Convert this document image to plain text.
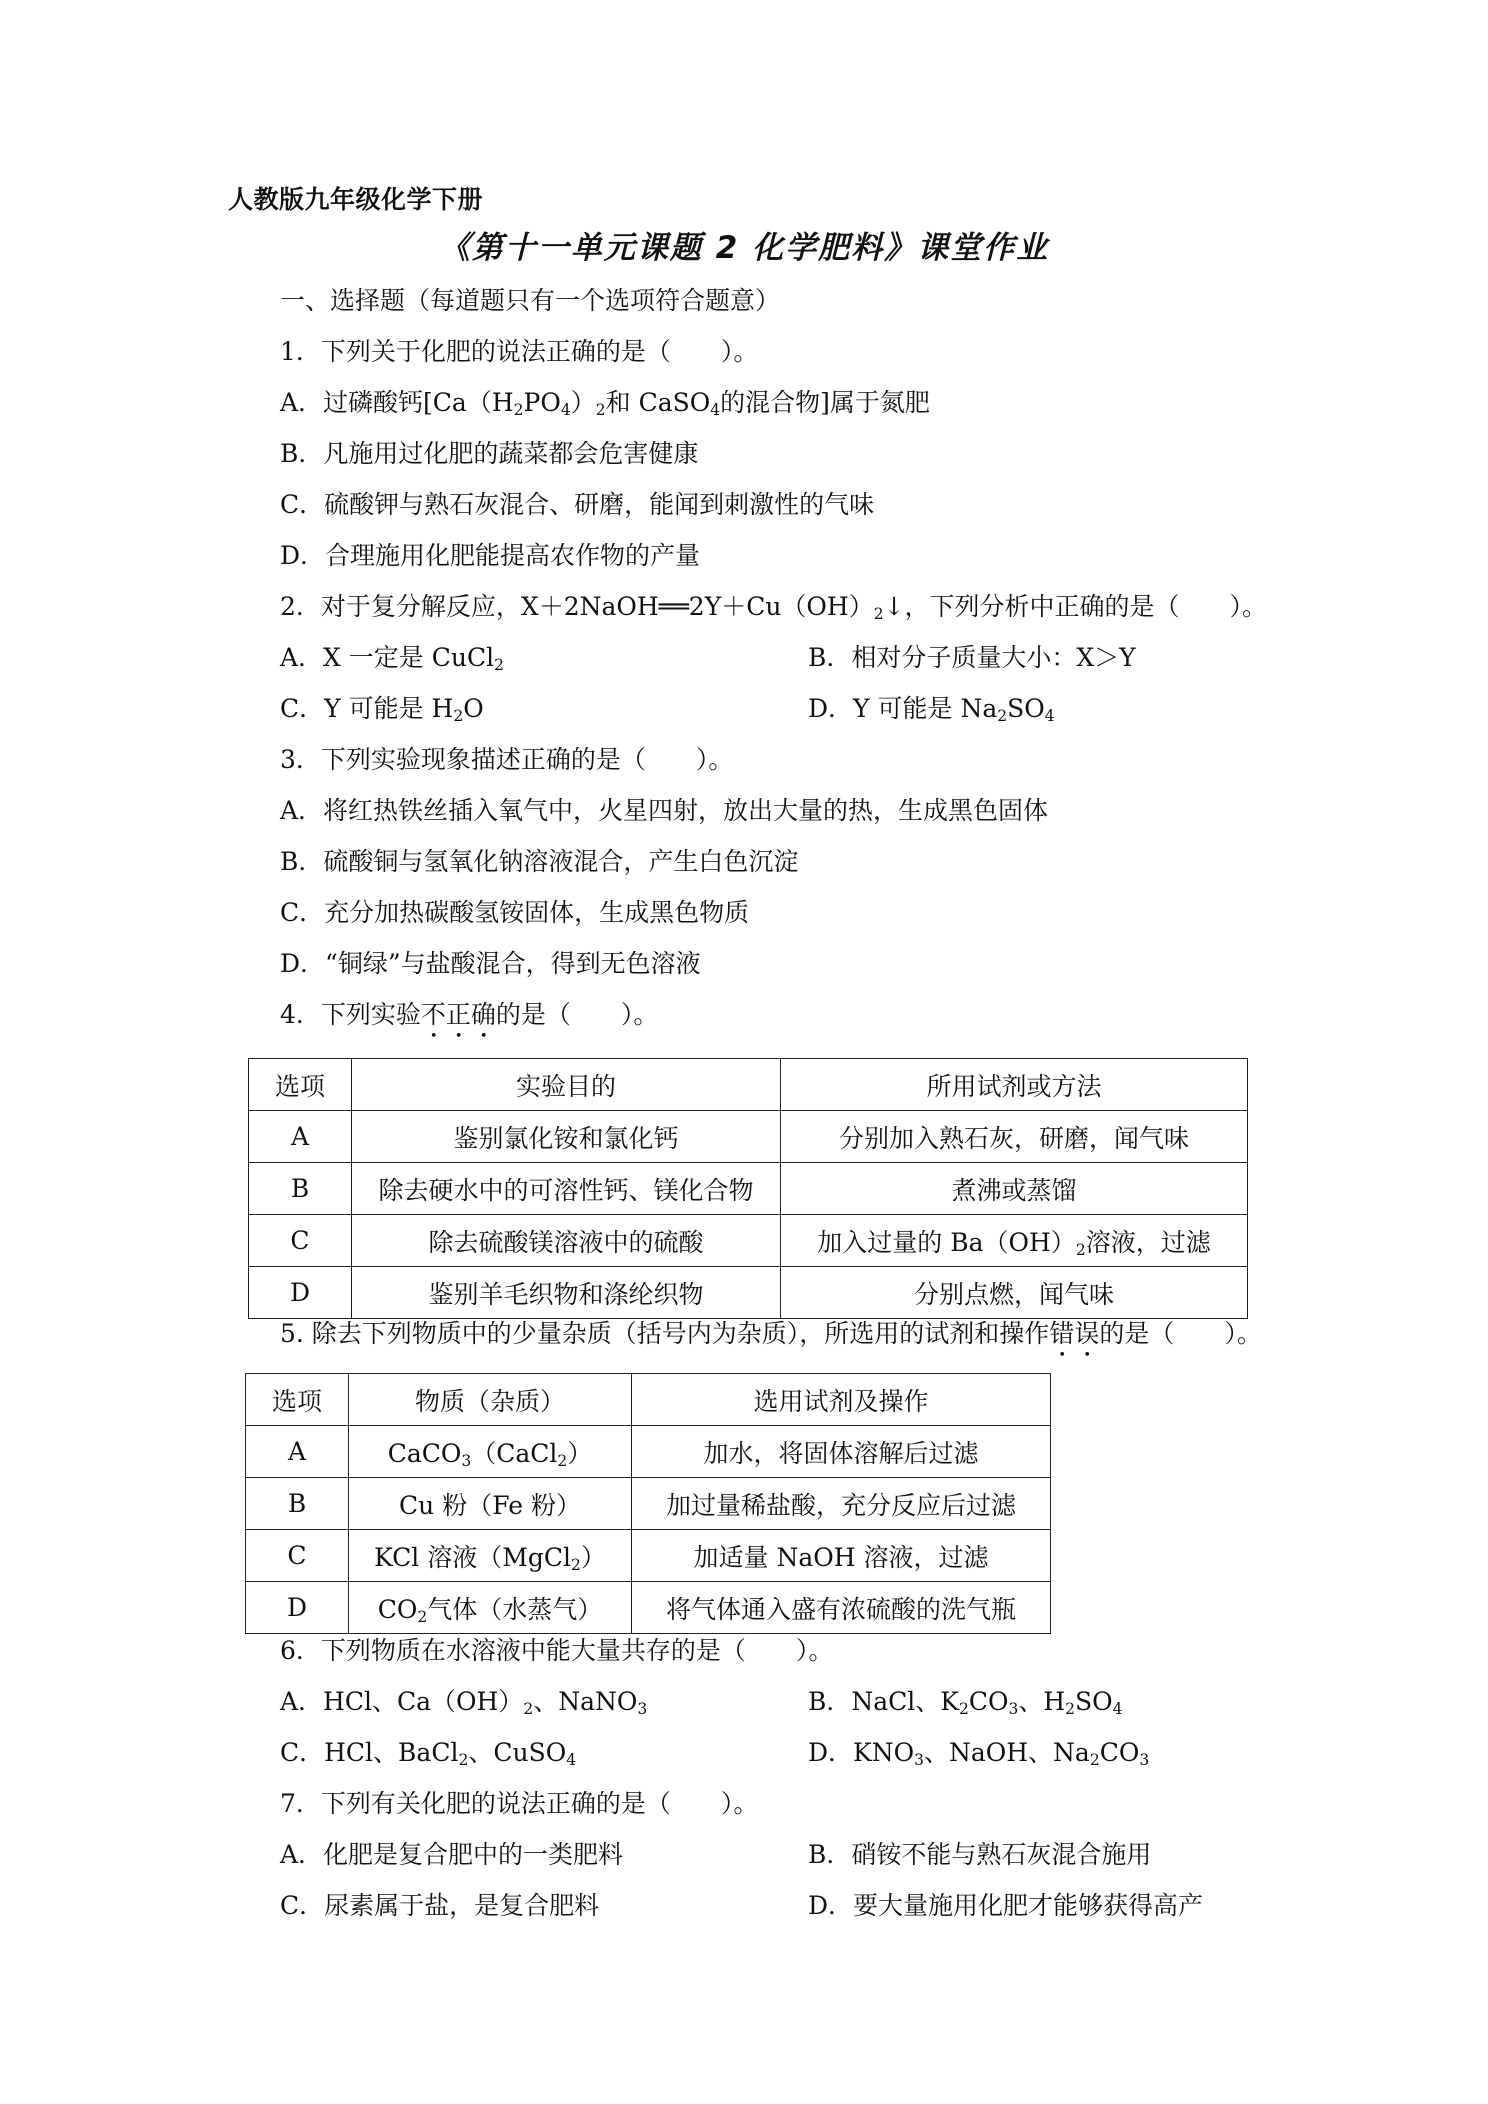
人教版九年级化学下册
《第十一单元课题 2 化学肥料》课堂作业
一、选择题（每道题只有一个选项符合题意）
1．下列关于化肥的说法正确的是（　　）。
A．过磷酸钙[$Ca(H_2PO_4)_2$和 CaSO$_4$的混合物]属于氮肥
B．凡施用过化肥的蔬菜都会危害健康
C．硫酸钾与熟石灰混合、研磨，能闻到刺激性的气味
D．合理施用化肥能提高农作物的产量
2．对于复分解反应，$X+2NaOH══2Y+Cu(OH)_2↓$，下列分析中正确的是（　　）。
A．X 一定是 CuCl$_2$	B．相对分子质量大小：X＞Y
C．Y 可能是 $H_2O$	D．Y 可能是 $Na_2SO_4$
3．下列实验现象描述正确的是（　　）。
A．将红热铁丝插入氧气中，火星四射，放出大量的热，生成黑色固体
B．硫酸铜与氢氧化钠溶液混合，产生白色沉淀
C．充分加热碳酸氢铵固体，生成黑色物质
D．“铜绿”与盐酸混合，得到无色溶液
4．下列实验不正确的是（　　）。
选项	实验目的	所用试剂或方法
A	鉴别氯化铵和氯化钙	分别加入熟石灰，研磨，闻气味
B	除去硬水中的可溶性钙、镁化合物	煮沸或蒸馏
C	除去硫酸镁溶液中的硫酸	加入过量的 $Ba(OH)_2$溶液，过滤
D	鉴别羊毛织物和涤纶织物	分别点燃，闻气味
5. 除去下列物质中的少量杂质（括号内为杂质），所选用的试剂和操作错误的是（　　）。
选项	物质（杂质）	选用试剂及操作
A	CaCO$_3$（CaCl$_2$）	加水，将固体溶解后过滤
B	Cu 粉（Fe 粉）	加过量稀盐酸，充分反应后过滤
C	KCl 溶液（MgCl$_2$）	加适量 NaOH 溶液，过滤
D	$CO_2$气体（水蒸气）	将气体通入盛有浓硫酸的洗气瓶
6．下列物质在水溶液中能大量共存的是（　　）。
A．HCl、$Ca(OH)_2$、NaNO$_3$	B．NaCl、$K_2CO_3$、$H_2SO_4$
C．HCl、BaCl$_2$、CuSO$_4$	D．$KNO_3$、NaOH、$Na_2CO_3$
7．下列有关化肥的说法正确的是（　　）。
A．化肥是复合肥中的一类肥料	B．硝铵不能与熟石灰混合施用
C．尿素属于盐，是复合肥料	D．要大量施用化肥才能够获得高产
